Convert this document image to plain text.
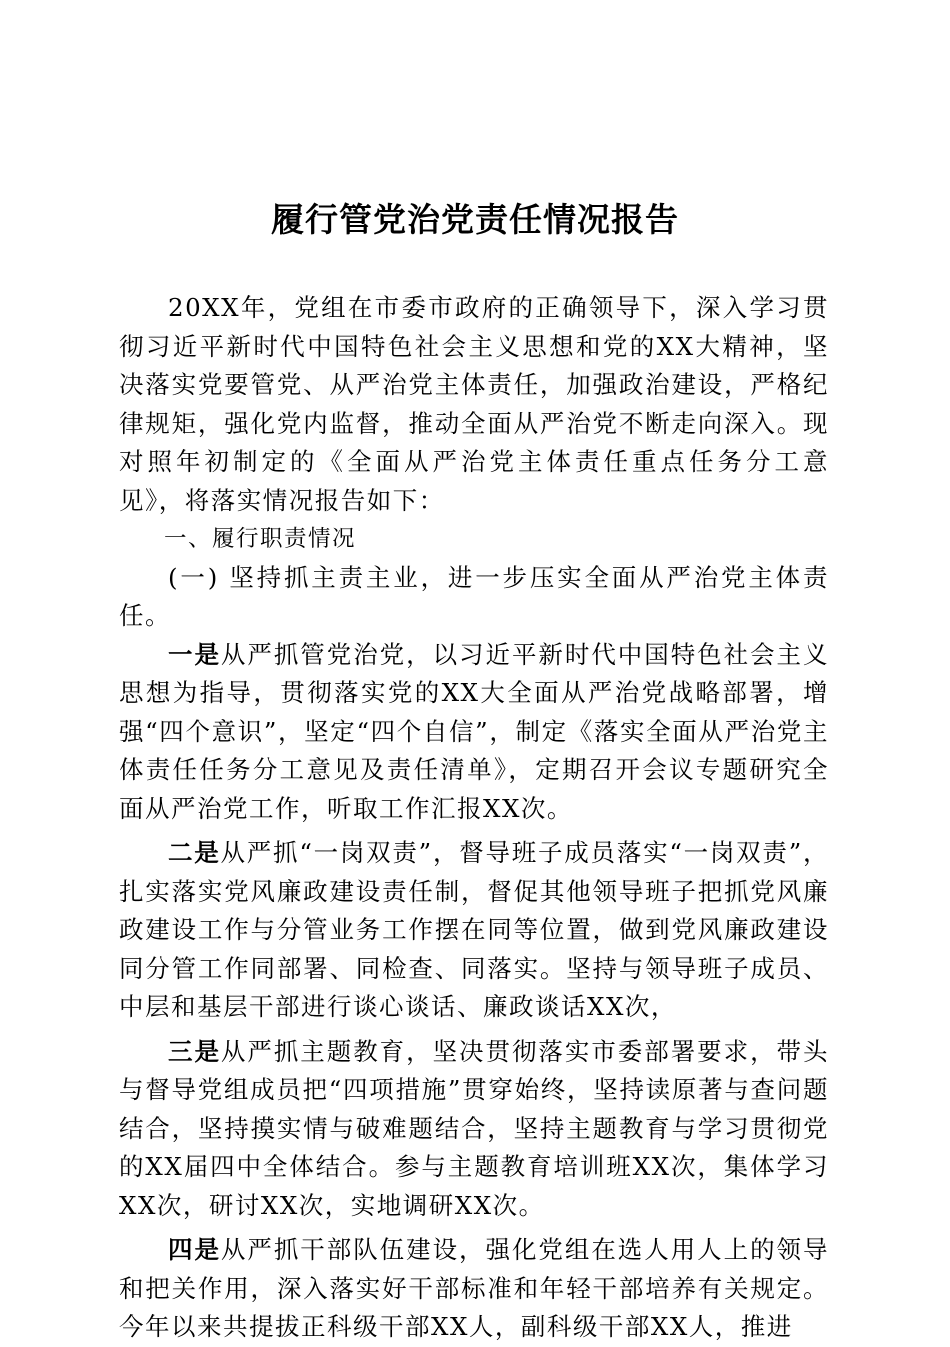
履行管党治党责任情况报告

20XX年，党组在市委市政府的正确领导下，深入学习贯彻习近平新时代中国特色社会主义思想和党的XX大精神，坚决落实党要管党、从严治党主体责任，加强政治建设，严格纪律规矩，强化党内监督，推动全面从严治党不断走向深入。现对照年初制定的《全面从严治党主体责任重点任务分工意见》，将落实情况报告如下：

一、履行职责情况

(一) 坚持抓主责主业，进一步压实全面从严治党主体责任。

一是从严抓管党治党，以习近平新时代中国特色社会主义思想为指导，贯彻落实党的XX大全面从严治党战略部署，增强“四个意识”，坚定“四个自信”，制定《落实全面从严治党主体责任任务分工意见及责任清单》，定期召开会议专题研究全面从严治党工作，听取工作汇报XX次。

二是从严抓“一岗双责”，督导班子成员落实“一岗双责”，扎实落实党风廉政建设责任制，督促其他领导班子把抓党风廉政建设工作与分管业务工作摆在同等位置，做到党风廉政建设同分管工作同部署、同检查、同落实。坚持与领导班子成员、中层和基层干部进行谈心谈话、廉政谈话XX次，

三是从严抓主题教育，坚决贯彻落实市委部署要求，带头与督导党组成员把“四项措施”贯穿始终，坚持读原著与查问题结合，坚持摸实情与破难题结合，坚持主题教育与学习贯彻党的XX届四中全体结合。参与主题教育培训班XX次，集体学习XX次，研讨XX次，实地调研XX次。

四是从严抓干部队伍建设，强化党组在选人用人上的领导和把关作用，深入落实好干部标准和年轻干部培养有关规定。今年以来共提拔正科级干部XX人，副科级干部XX人，推进
